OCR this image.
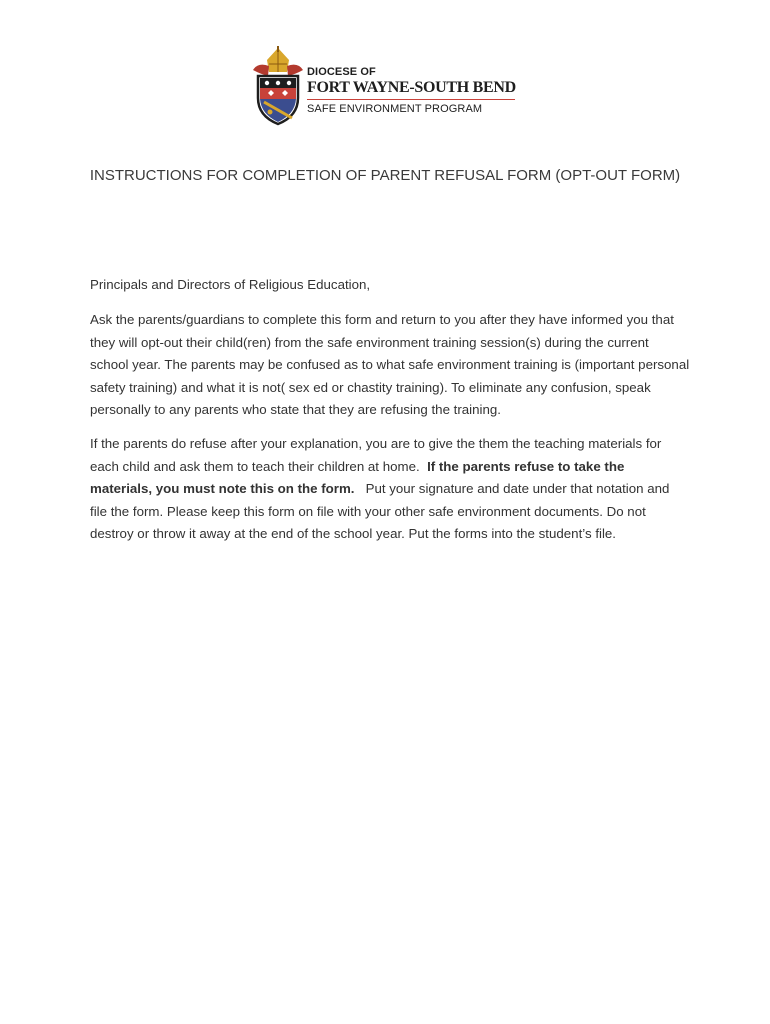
DIOCESE OF
FORT WAYNE-SOUTH BEND
SAFE ENVIRONMENT PROGRAM
INSTRUCTIONS FOR COMPLETION OF PARENT REFUSAL FORM (OPT-OUT FORM)

Principals and Directors of Religious Education,

Ask the parents/guardians to complete this form and return to you after they have informed you that they will opt-out their child(ren) from the safe environment training session(s) during the current school year. The parents may be confused as to what safe environment training is (important personal safety training) and what it is not( sex ed or chastity training). To eliminate any confusion, speak personally to any parents who state that they are refusing the training.

If the parents do refuse after your explanation, you are to give the them the teaching materials for each child and ask them to teach their children at home. If the parents refuse to take the materials, you must note this on the form. Put your signature and date under that notation and file the form. Please keep this form on file with your other safe environment documents. Do not destroy or throw it away at the end of the school year. Put the forms into the student’s file.
